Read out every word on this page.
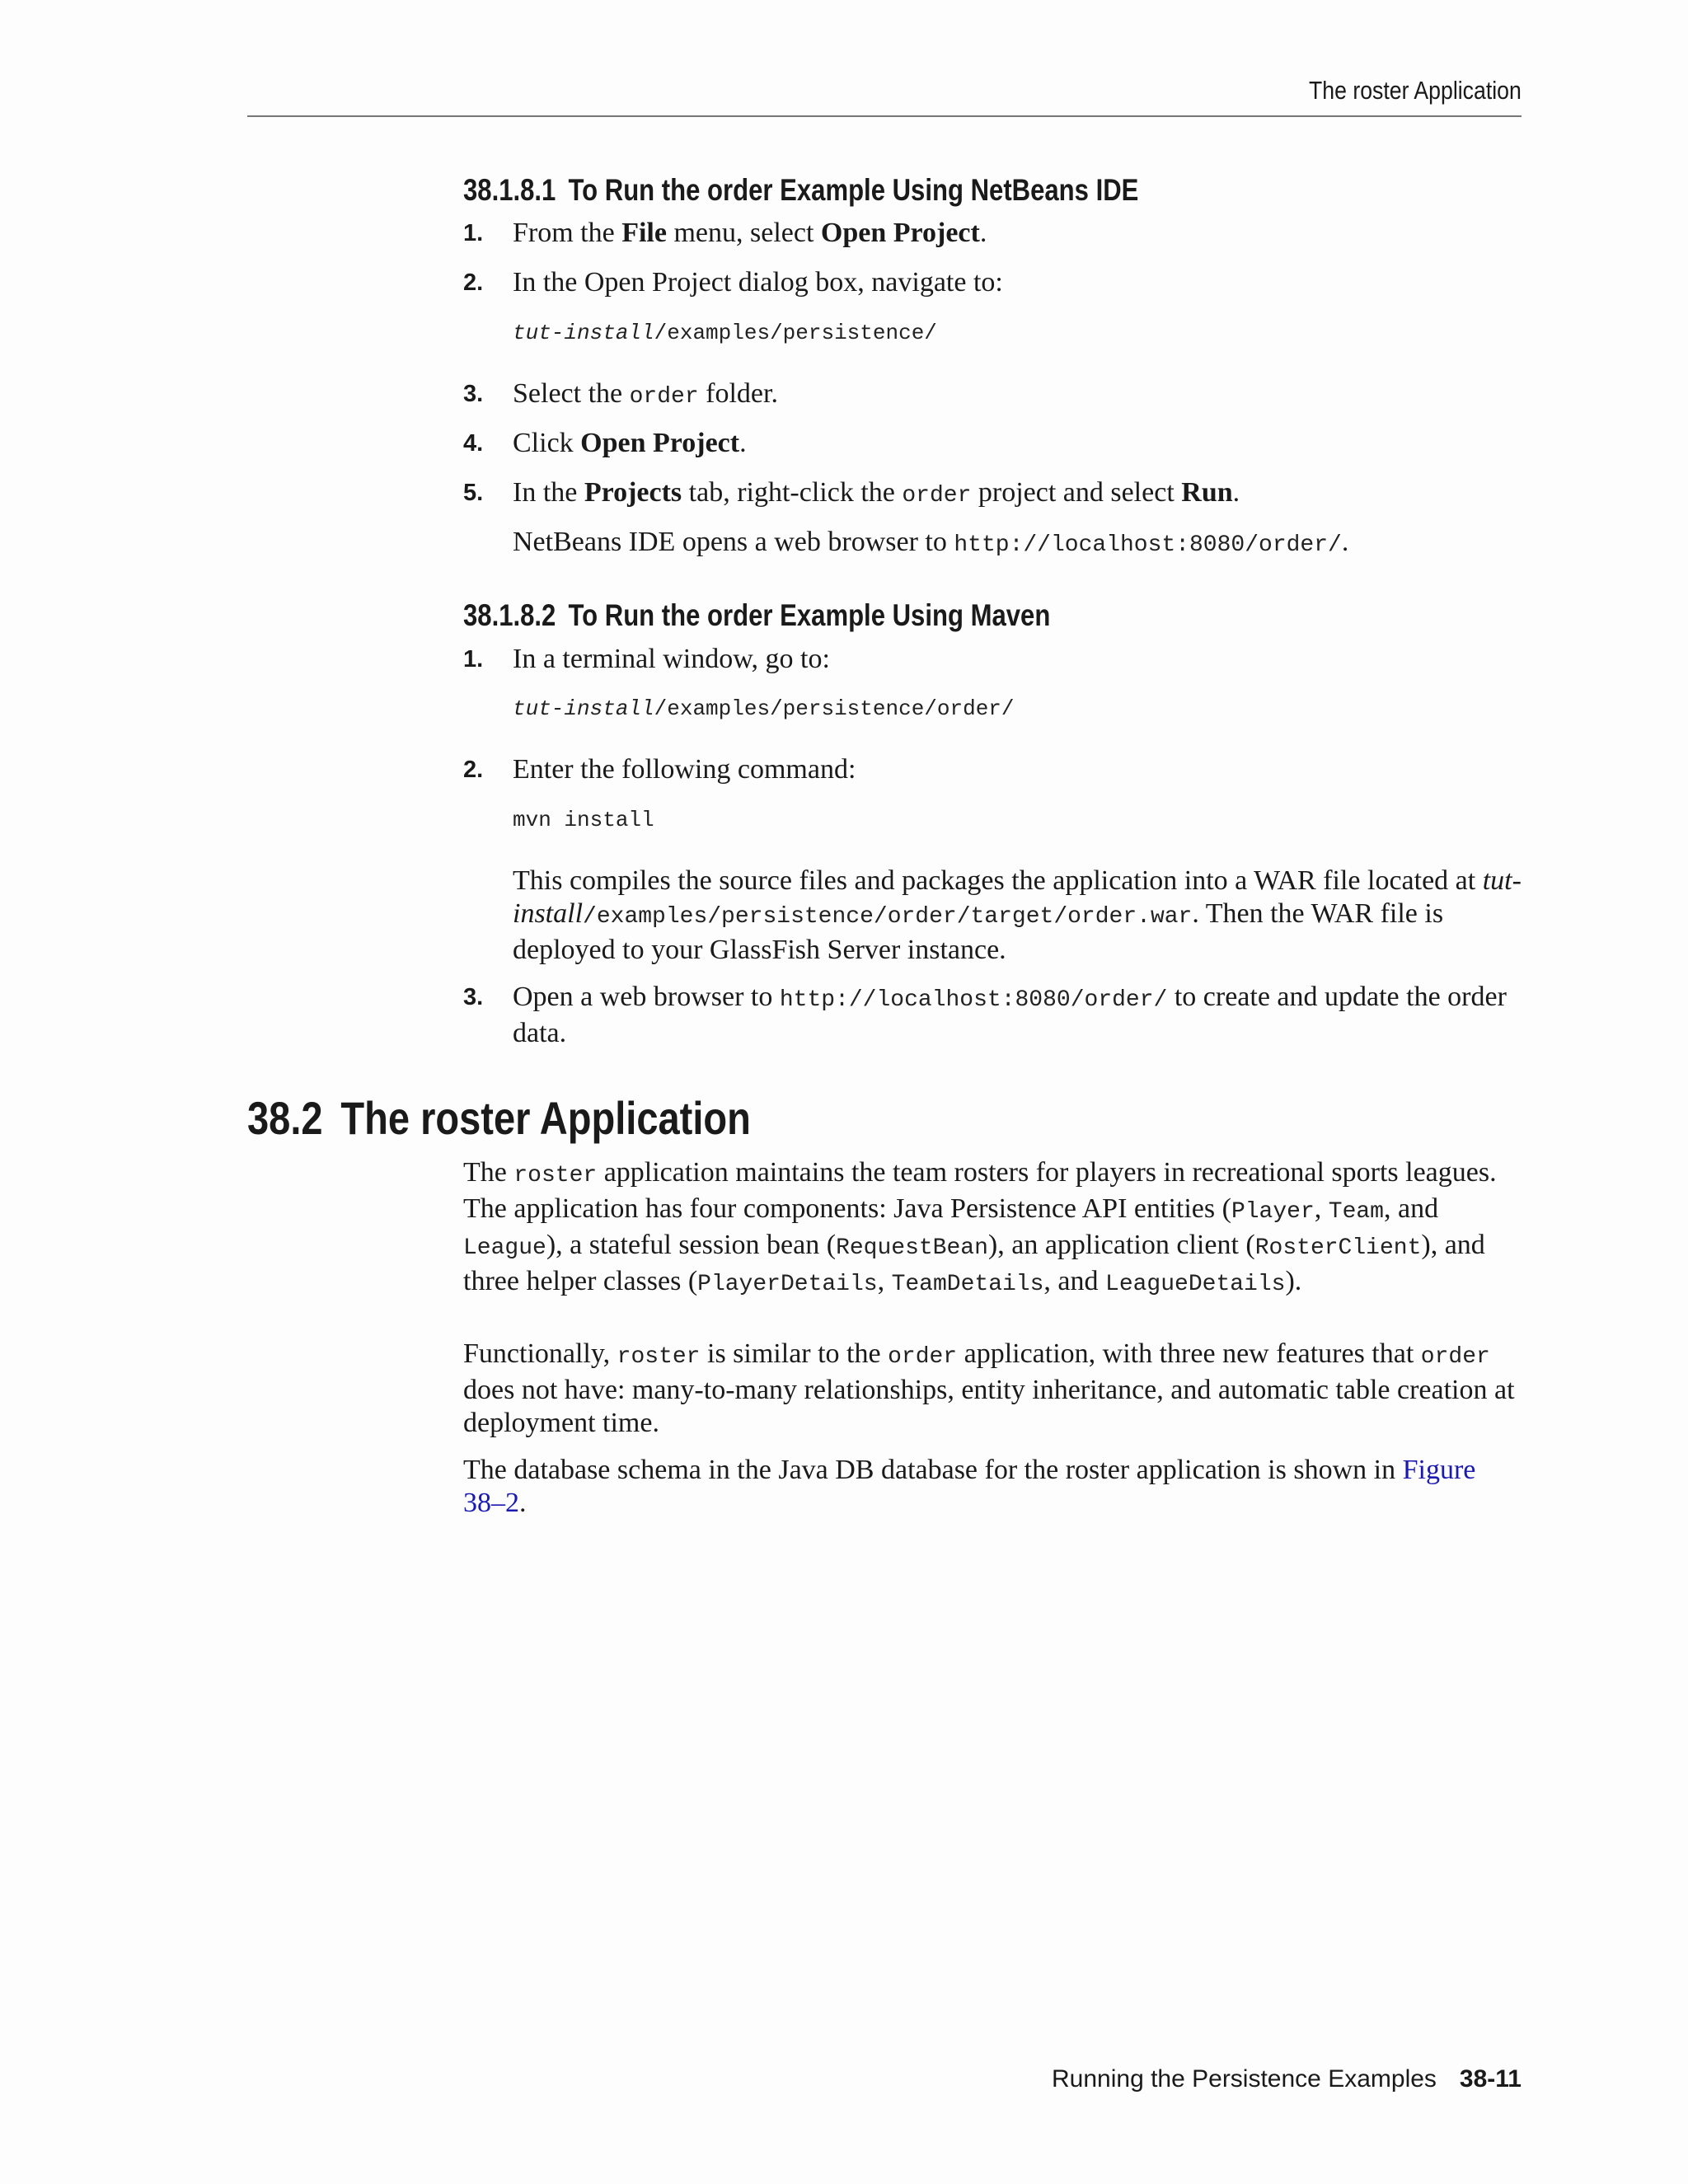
The roster Application
38.1.8.1 To Run the order Example Using NetBeans IDE
1. From the File menu, select Open Project.
2. In the Open Project dialog box, navigate to:
tut-install/examples/persistence/
3. Select the order folder.
4. Click Open Project.
5. In the Projects tab, right-click the order project and select Run.
NetBeans IDE opens a web browser to http://localhost:8080/order/.
38.1.8.2 To Run the order Example Using Maven
1. In a terminal window, go to:
tut-install/examples/persistence/order/
2. Enter the following command:
mvn install
This compiles the source files and packages the application into a WAR file located at tut-install/examples/persistence/order/target/order.war. Then the WAR file is deployed to your GlassFish Server instance.
3. Open a web browser to http://localhost:8080/order/ to create and update the order data.
38.2 The roster Application
The roster application maintains the team rosters for players in recreational sports leagues. The application has four components: Java Persistence API entities (Player, Team, and League), a stateful session bean (RequestBean), an application client (RosterClient), and three helper classes (PlayerDetails, TeamDetails, and LeagueDetails).
Functionally, roster is similar to the order application, with three new features that order does not have: many-to-many relationships, entity inheritance, and automatic table creation at deployment time.
The database schema in the Java DB database for the roster application is shown in Figure 38–2.
Running the Persistence Examples 38-11
